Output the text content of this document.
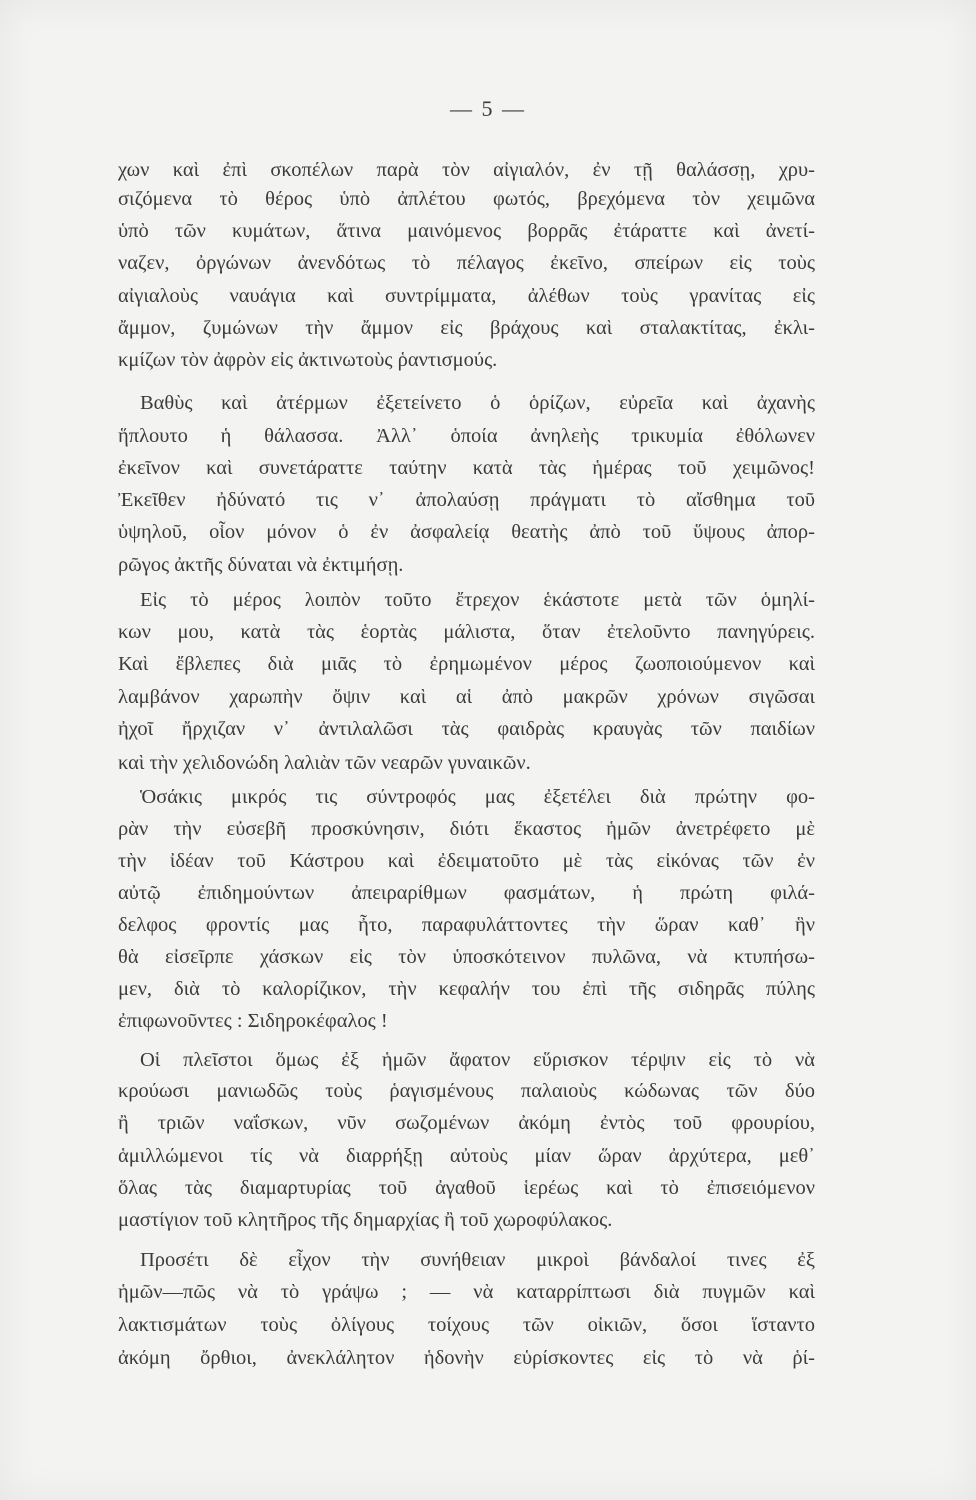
— 5 —
χων καὶ ἐπὶ σκοπέλων παρὰ τὸν αἰγιαλόν, ἐν τῇ θαλάσσῃ, χρυ-
σιζόμενα τὸ θέρος ὑπὸ ἀπλέτου φωτός, βρεχόμενα τὸν χειμῶνα
ὑπὸ τῶν κυμάτων, ἅτινα μαινόμενος βορρᾶς ἐτάραττε καὶ ἀνετί-
ναζεν, ὀργώνων ἀνενδότως τὸ πέλαγος ἐκεῖνο, σπείρων εἰς τοὺς
αἰγιαλοὺς ναυάγια καὶ συντρίμματα, ἀλέθων τοὺς γρανίτας εἰς
ἄμμον, ζυμώνων τὴν ἄμμον εἰς βράχους καὶ σταλακτίτας, ἐκλι-
κμίζων τὸν ἀφρὸν εἰς ἀκτινωτοὺς ῥαντισμούς.
Βαθὺς καὶ ἀτέρμων ἐξετείνετο ὁ ὁρίζων, εὐρεῖα καὶ ἀχανὴς
ἥπλουτο ἡ θάλασσα. Ἀλλ᾽ ὁποία ἀνηλεὴς τρικυμία ἐθόλωνεν
ἐκεῖνον καὶ συνετάραττε ταύτην κατὰ τὰς ἡμέρας τοῦ χειμῶνος!
Ἐκεῖθεν ἠδύνατό τις ν᾽ ἀπολαύσῃ πράγματι τὸ αἴσθημα τοῦ
ὑψηλοῦ, οἷον μόνον ὁ ἐν ἀσφαλείᾳ θεατὴς ἀπὸ τοῦ ὕψους ἀπορ-
ρῶγος ἀκτῆς δύναται νὰ ἐκτιμήσῃ.
Εἰς τὸ μέρος λοιπὸν τοῦτο ἔτρεχον ἑκάστοτε μετὰ τῶν ὁμηλί-
κων μου, κατὰ τὰς ἑορτὰς μάλιστα, ὅταν ἐτελοῦντο πανηγύρεις.
Καὶ ἔβλεπες διὰ μιᾶς τὸ ἐρημωμένον μέρος ζωοποιούμενον καὶ
λαμβάνον χαρωπὴν ὄψιν καὶ αἱ ἀπὸ μακρῶν χρόνων σιγῶσαι
ἠχοῖ ἤρχιζαν ν᾽ ἀντιλαλῶσι τὰς φαιδρὰς κραυγὰς τῶν παιδίων
καὶ τὴν χελιδονώδη λαλιὰν τῶν νεαρῶν γυναικῶν.
Ὁσάκις μικρός τις σύντροφός μας ἐξετέλει διὰ πρώτην φο-
ρὰν τὴν εὐσεβῆ προσκύνησιν, διότι ἕκαστος ἡμῶν ἀνετρέφετο μὲ
τὴν ἰδέαν τοῦ Κάστρου καὶ ἐδειματοῦτο μὲ τὰς εἰκόνας τῶν ἐν
αὐτῷ ἐπιδημούντων ἀπειραρίθμων φασμάτων, ἡ πρώτη φιλά-
δελφος φροντίς μας ἦτο, παραφυλάττοντες τὴν ὥραν καθ᾽ ἣν
θὰ εἰσεῖρπε χάσκων εἰς τὸν ὑποσκότεινον πυλῶνα, νὰ κτυπήσω-
μεν, διὰ τὸ καλορίζικον, τὴν κεφαλήν του ἐπὶ τῆς σιδηρᾶς πύλης
ἐπιφωνοῦντες : Σιδηροκέφαλος !
Οἱ πλεῖστοι ὅμως ἐξ ἡμῶν ἄφατον εὕρισκον τέρψιν εἰς τὸ νὰ
κρούωσι μανιωδῶς τοὺς ῥαγισμένους παλαιοὺς κώδωνας τῶν δύο
ἢ τριῶν ναΐσκων, νῦν σωζομένων ἀκόμη ἐντὸς τοῦ φρουρίου,
ἁμιλλώμενοι τίς νὰ διαρρήξῃ αὐτοὺς μίαν ὥραν ἀρχύτερα, μεθ᾽
ὅλας τὰς διαμαρτυρίας τοῦ ἀγαθοῦ ἱερέως καὶ τὸ ἐπισειόμενον
μαστίγιον τοῦ κλητῆρος τῆς δημαρχίας ἢ τοῦ χωροφύλακος.
Προσέτι δὲ εἶχον τὴν συνήθειαν μικροὶ βάνδαλοί τινες ἐξ
ἡμῶν—πῶς νὰ τὸ γράψω ; — νὰ καταρρίπτωσι διὰ πυγμῶν καὶ
λακτισμάτων τοὺς ὀλίγους τοίχους τῶν οἰκιῶν, ὅσοι ἵσταντο
ἀκόμη ὄρθιοι, ἀνεκλάλητον ἡδονὴν εὑρίσκοντες εἰς τὸ νὰ ῥί-
